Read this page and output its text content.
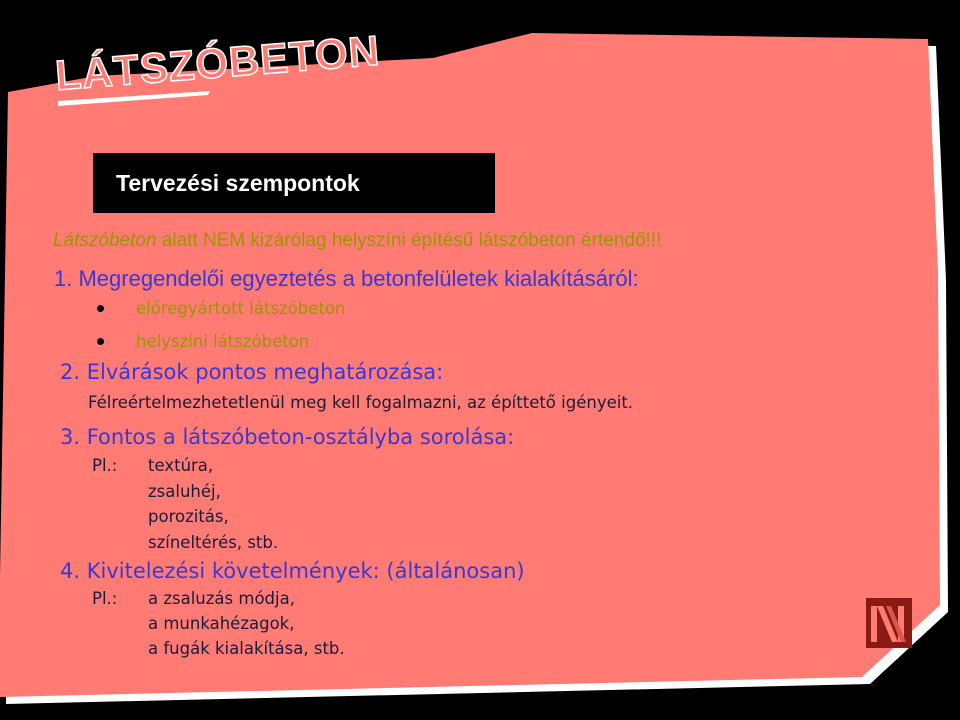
LÁTSZÓBETON
Tervezési szempontok

Látszóbeton alatt NEM kizárólag helyszíni építésű látszóbeton értendő!!!

1. Megregendelői egyeztetés a betonfelületek kialakításáról:

előregyártott látszóbeton

helyszíni látszóbeton

2. Elvárások pontos meghatározása:

Félreértelmezhetetlenül meg kell fogalmazni, az építtető igényeit.

3. Fontos a látszóbeton-osztályba sorolása:

Pl.: textúra,

zsaluhéj,

porozitás,

színeltérés, stb.

4. Kivitelezési követelmények: (általánosan)

Pl.: a zsaluzás módja,

a munkahézagok,

a fugák kialakítása, stb.
